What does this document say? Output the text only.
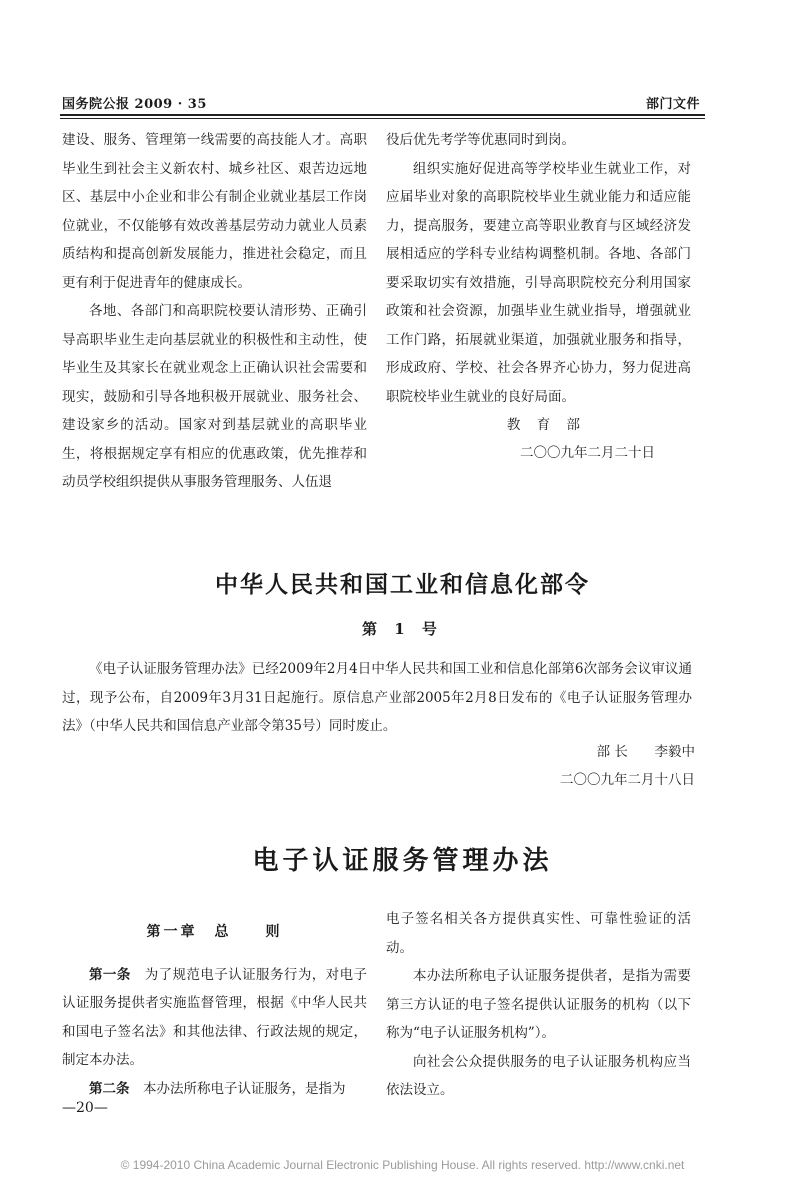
国务院公报 2009 · 35	部门文件

建设、服务、管理第一线需要的高技能人才。高职毕业生到社会主义新农村、城乡社区、艰苦边远地区、基层中小企业和非公有制企业就业基层工作岗位就业，不仅能够有效改善基层劳动力就业人员素质结构和提高创新发展能力，推进社会稳定，而且更有利于促进青年的健康成长。

各地、各部门和高职院校要认清形势、正确引导高职毕业生走向基层就业的积极性和主动性，使毕业生及其家长在就业观念上正确认识社会需要和现实，鼓励和引导各地积极开展就业、服务社会、建设家乡的活动。国家对到基层就业的高职毕业生，将根据规定享有相应的优惠政策，优先推荐和动员学校组织提供从事服务管理服务、人伍退

役后优先考学等优惠同时到岗。

组织实施好促进高等学校毕业生就业工作，对应届毕业对象的高职院校毕业生就业能力和适应能力，提高服务，要建立高等职业教育与区域经济发展相适应的学科专业结构调整机制。各地、各部门要采取切实有效措施，引导高职院校充分利用国家政策和社会资源，加强毕业生就业指导，增强就业工作门路，拓展就业渠道，加强就业服务和指导，形成政府、学校、社会各界齐心协力，努力促进高职院校毕业生就业的良好局面。

教 育 部
二〇〇九年二月二十日
中华人民共和国工业和信息化部令
第 1 号

《电子认证服务管理办法》已经2009年2月4日中华人民共和国工业和信息化部第6次部务会议审议通过，现予公布，自2009年3月31日起施行。原信息产业部2005年2月8日发布的《电子认证服务管理办法》（中华人民共和国信息产业部令第35号）同时废止。

部 长 李毅中
二〇〇九年二月十八日
电子认证服务管理办法
第一章　总　　则

第一条　 为了规范电子认证服务行为，对电子认证服务提供者实施监督管理，根据《中华人民共和国电子签名法》和其他法律、行政法规的规定，制定本办法。

第二条　 本办法所称电子认证服务，是指为

电子签名相关各方提供真实性、可靠性验证的活动。

本办法所称电子认证服务提供者，是指为需要第三方认证的电子签名提供认证服务的机构（以下称为“电子认证服务机构”）。

向社会公众提供服务的电子认证服务机构应当依法设立。

—20—
© 1994-2010 China Academic Journal Electronic Publishing House. All rights reserved. http://www.cnki.net
